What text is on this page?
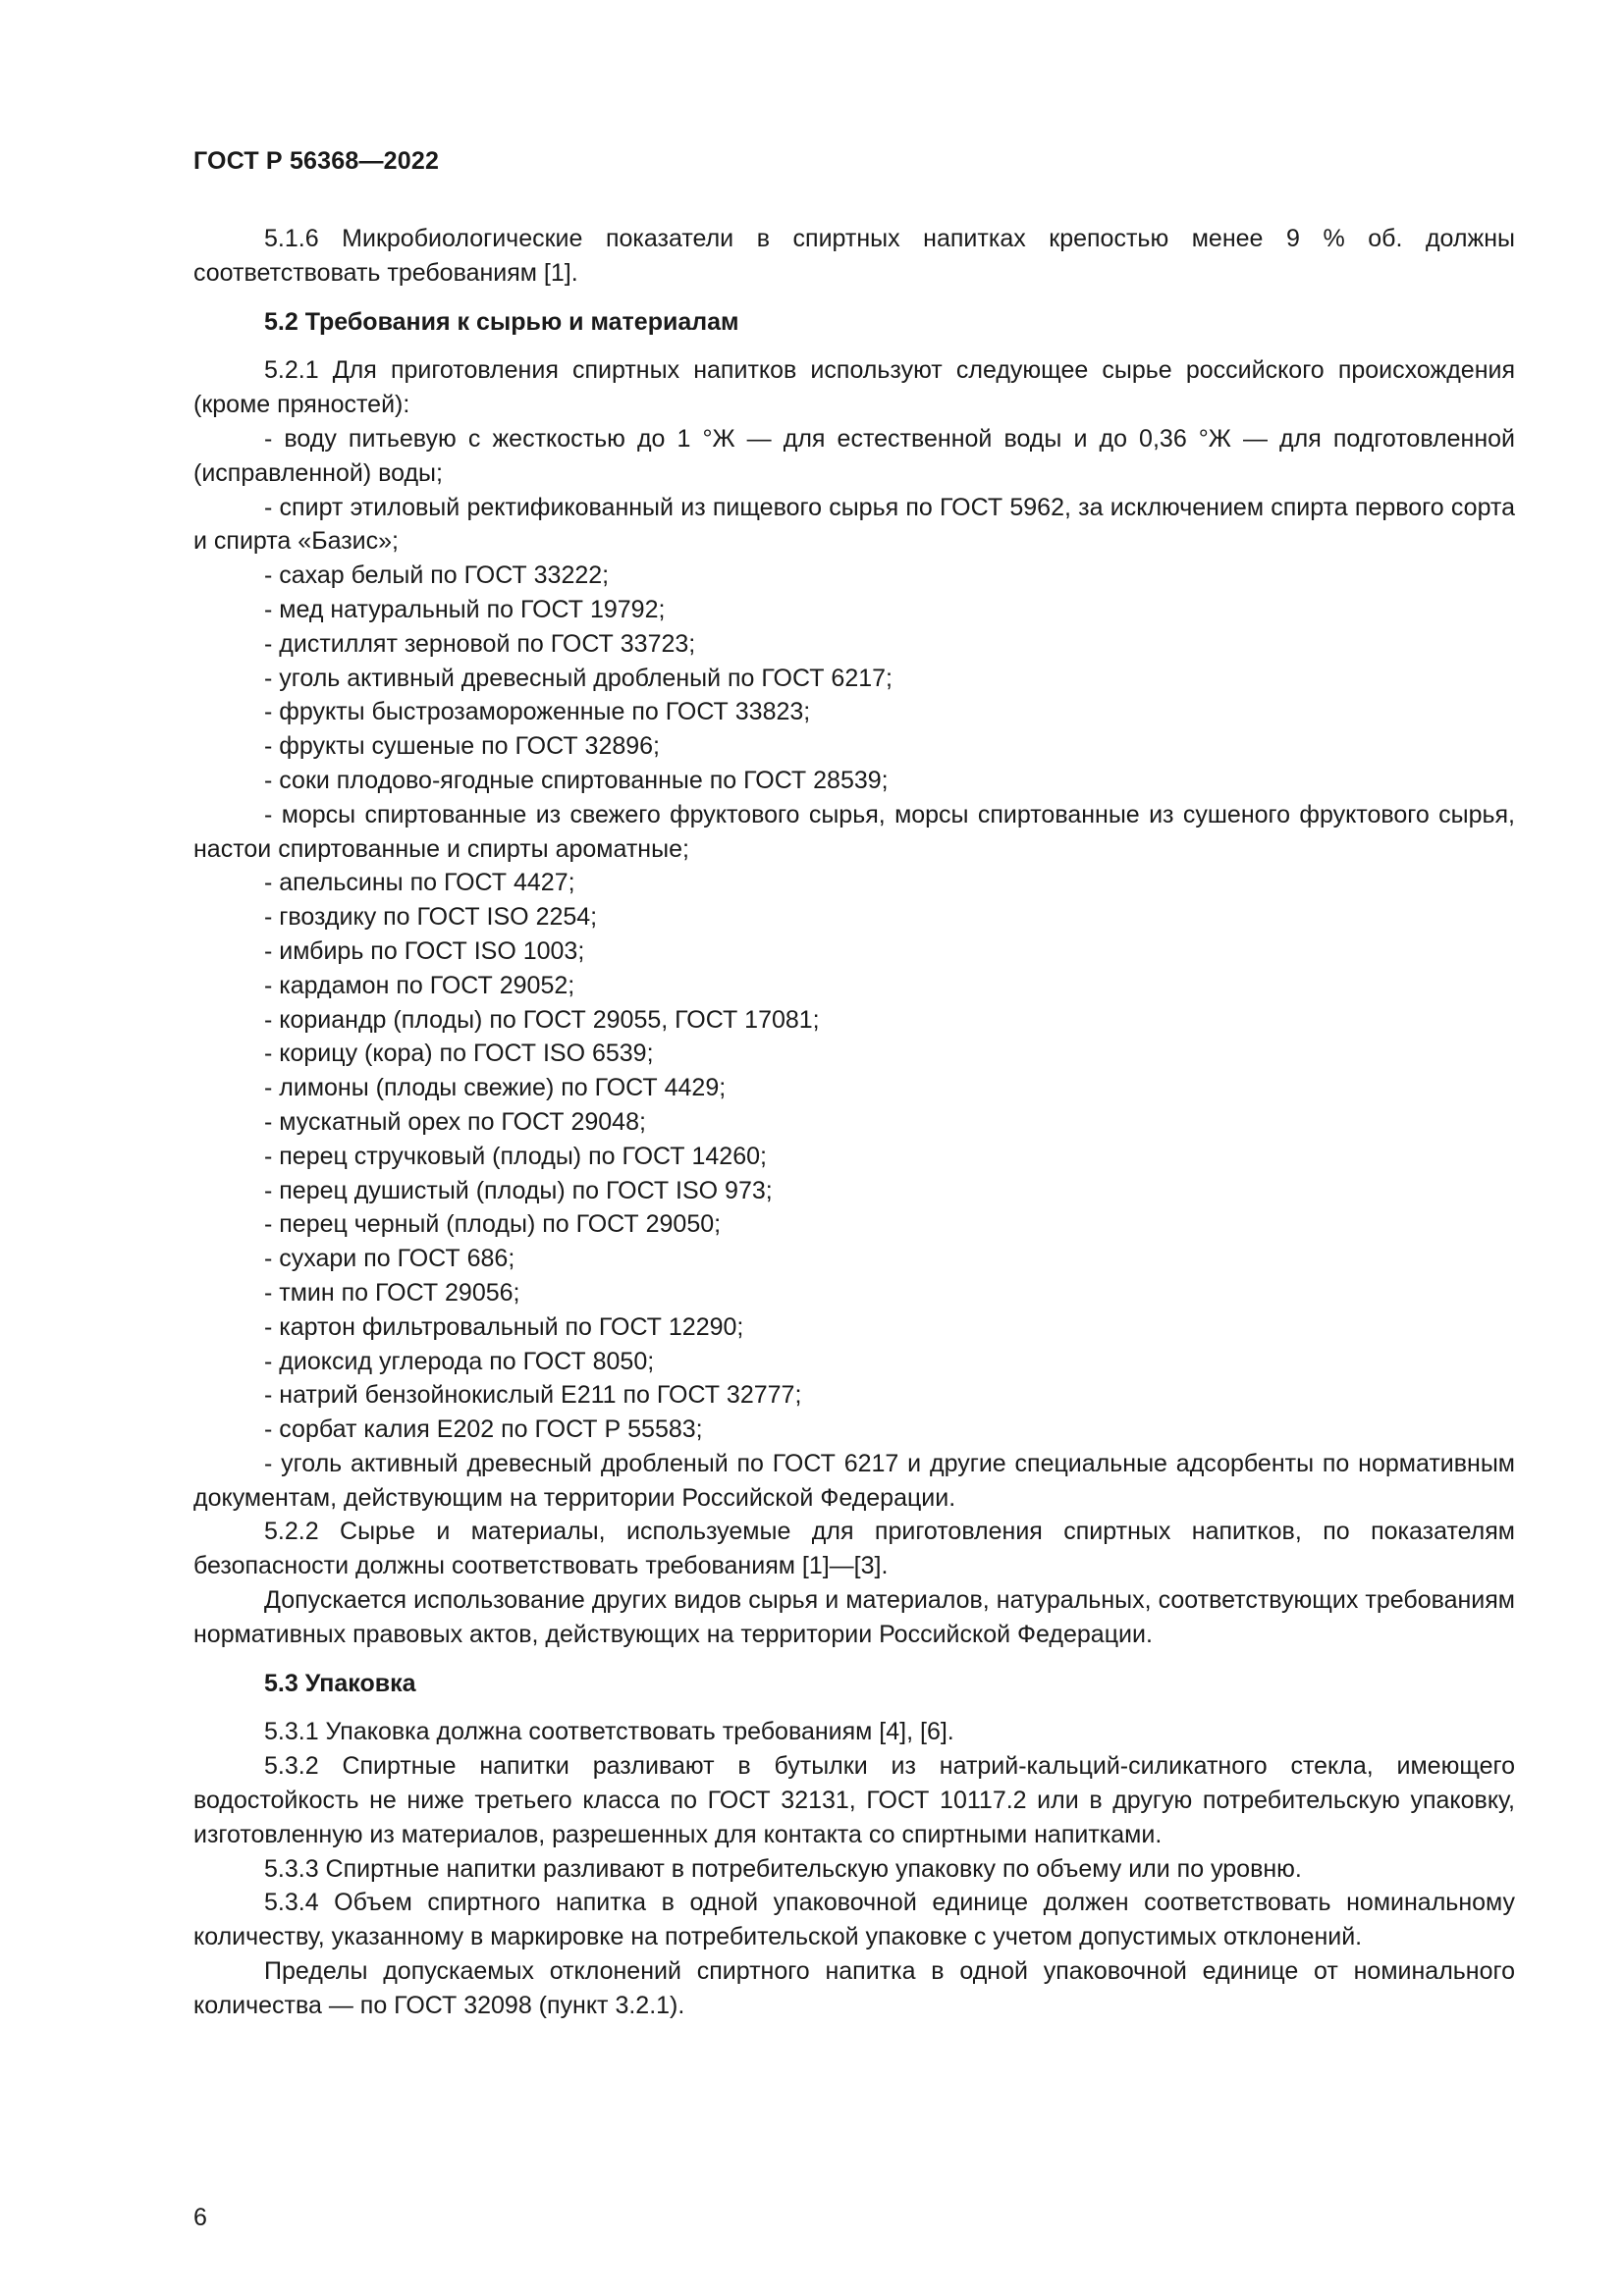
ГОСТ Р 56368—2022

5.1.6 Микробиологические показатели в спиртных напитках крепостью менее 9 % об. должны соответствовать требованиям [1].

5.2 Требования к сырью и материалам

5.2.1 Для приготовления спиртных напитков используют следующее сырье российского происхождения (кроме пряностей):

- воду питьевую с жесткостью до 1 °Ж — для естественной воды и до 0,36 °Ж — для подготовленной (исправленной) воды;

- спирт этиловый ректификованный из пищевого сырья по ГОСТ 5962, за исключением спирта первого сорта и спирта «Базис»;

- сахар белый по ГОСТ 33222;

- мед натуральный по ГОСТ 19792;

- дистиллят зерновой по ГОСТ 33723;

- уголь активный древесный дробленый по ГОСТ 6217;

- фрукты быстрозамороженные по ГОСТ 33823;

- фрукты сушеные по ГОСТ 32896;

- соки плодово-ягодные спиртованные по ГОСТ 28539;

- морсы спиртованные из свежего фруктового сырья, морсы спиртованные из сушеного фруктового сырья, настои спиртованные и спирты ароматные;

- апельсины по ГОСТ 4427;

- гвоздику по ГОСТ ISO 2254;

- имбирь по ГОСТ ISO 1003;

- кардамон по ГОСТ 29052;

- кориандр (плоды) по ГОСТ 29055, ГОСТ 17081;

- корицу (кора) по ГОСТ ISO 6539;

- лимоны (плоды свежие) по ГОСТ 4429;

- мускатный орех по ГОСТ 29048;

- перец стручковый (плоды) по ГОСТ 14260;

- перец душистый (плоды) по ГОСТ ISO 973;

- перец черный (плоды) по ГОСТ 29050;

- сухари по ГОСТ 686;

- тмин по ГОСТ 29056;

- картон фильтровальный по ГОСТ 12290;

- диоксид углерода по ГОСТ 8050;

- натрий бензойнокислый Е211 по ГОСТ 32777;

- сорбат калия Е202 по ГОСТ Р 55583;

- уголь активный древесный дробленый по ГОСТ 6217 и другие специальные адсорбенты по нормативным документам, действующим на территории Российской Федерации.

5.2.2 Сырье и материалы, используемые для приготовления спиртных напитков, по показателям безопасности должны соответствовать требованиям [1]—[3].

Допускается использование других видов сырья и материалов, натуральных, соответствующих требованиям нормативных правовых актов, действующих на территории Российской Федерации.

5.3 Упаковка

5.3.1 Упаковка должна соответствовать требованиям [4], [6].

5.3.2 Спиртные напитки разливают в бутылки из натрий-кальций-силикатного стекла, имеющего водостойкость не ниже третьего класса по ГОСТ 32131, ГОСТ 10117.2 или в другую потребительскую упаковку, изготовленную из материалов, разрешенных для контакта со спиртными напитками.

5.3.3 Спиртные напитки разливают в потребительскую упаковку по объему или по уровню.

5.3.4 Объем спиртного напитка в одной упаковочной единице должен соответствовать номинальному количеству, указанному в маркировке на потребительской упаковке с учетом допустимых отклонений.

Пределы допускаемых отклонений спиртного напитка в одной упаковочной единице от номинального количества — по ГОСТ 32098 (пункт 3.2.1).

6
